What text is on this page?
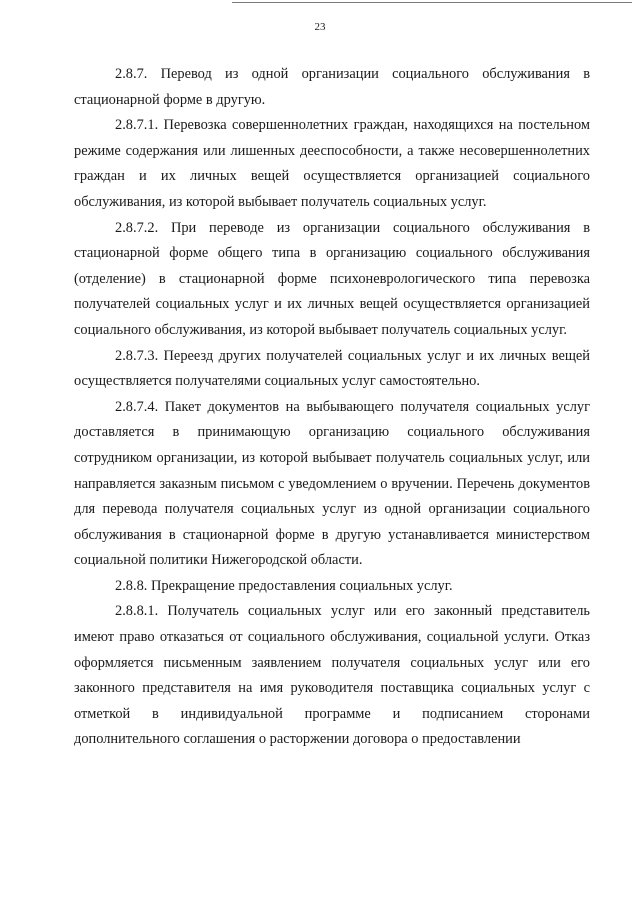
23

2.8.7. Перевод из одной организации социального обслуживания в стационарной форме в другую.

2.8.7.1. Перевозка совершеннолетних граждан, находящихся на постельном режиме содержания или лишенных дееспособности, а также несовершеннолетних граждан и их личных вещей осуществляется организацией социального обслуживания, из которой выбывает получатель социальных услуг.

2.8.7.2. При переводе из организации социального обслуживания в стационарной форме общего типа в организацию социального обслуживания (отделение) в стационарной форме психоневрологического типа перевозка получателей социальных услуг и их личных вещей осуществляется организацией социального обслуживания, из которой выбывает получатель социальных услуг.

2.8.7.3. Переезд других получателей социальных услуг и их личных вещей осуществляется получателями социальных услуг самостоятельно.

2.8.7.4. Пакет документов на выбывающего получателя социальных услуг доставляется в принимающую организацию социального обслуживания сотрудником организации, из которой выбывает получатель социальных услуг, или направляется заказным письмом с уведомлением о вручении. Перечень документов для перевода получателя социальных услуг из одной организации социального обслуживания в стационарной форме в другую устанавливается министерством социальной политики Нижегородской области.

2.8.8. Прекращение предоставления социальных услуг.

2.8.8.1. Получатель социальных услуг или его законный представитель имеют право отказаться от социального обслуживания, социальной услуги. Отказ оформляется письменным заявлением получателя социальных услуг или его законного представителя на имя руководителя поставщика социальных услуг с отметкой в индивидуальной программе и подписанием сторонами дополнительного соглашения о расторжении договора о предоставлении
